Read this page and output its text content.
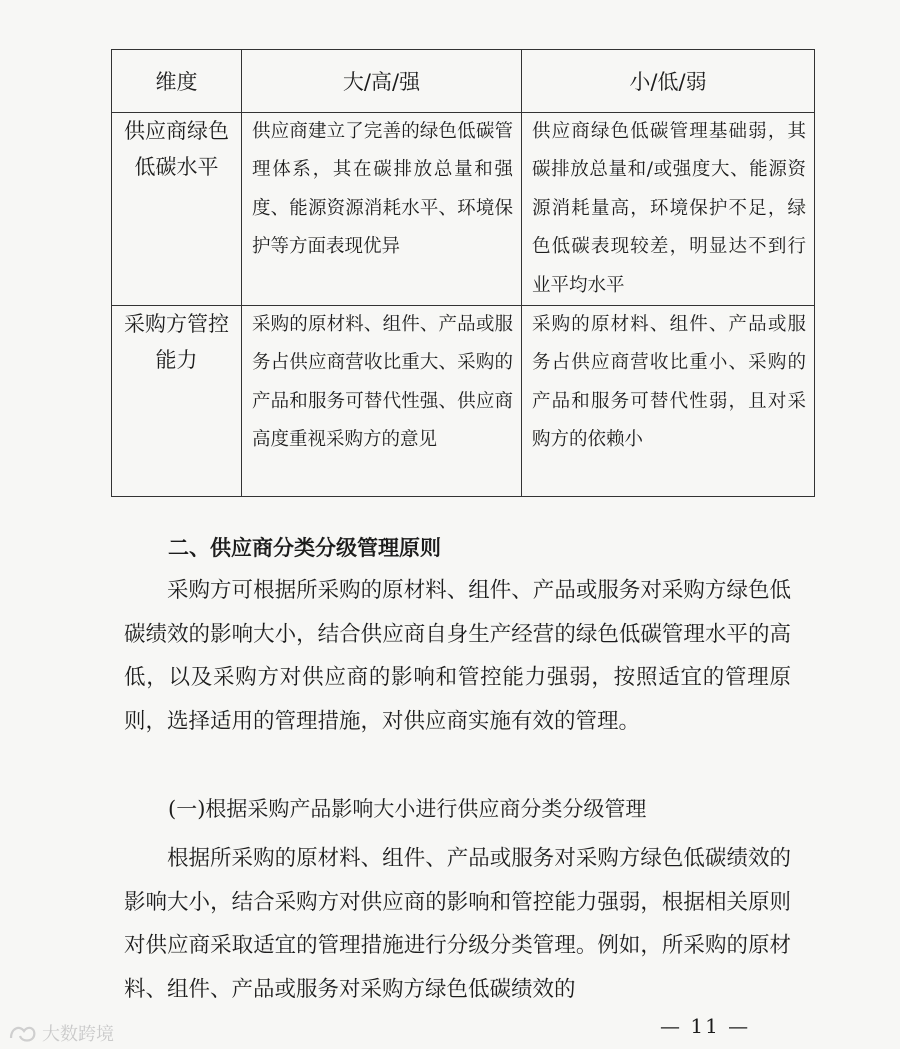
维度	大/高/强	小/低/弱
供应商绿色低碳水平	供应商建立了完善的绿色低碳管理体系，其在碳排放总量和强度、能源资源消耗水平、环境保护等方面表现优异	供应商绿色低碳管理基础弱，其碳排放总量和/或强度大、能源资源消耗量高，环境保护不足，绿色低碳表现较差，明显达不到行业平均水平
采购方管控能力	采购的原材料、组件、产品或服务占供应商营收比重大、采购的产品和服务可替代性强、供应商高度重视采购方的意见	采购的原材料、组件、产品或服务占供应商营收比重小、采购的产品和服务可替代性弱，且对采购方的依赖小
二、供应商分类分级管理原则

采购方可根据所采购的原材料、组件、产品或服务对采购方绿色低碳绩效的影响大小，结合供应商自身生产经营的绿色低碳管理水平的高低，以及采购方对供应商的影响和管控能力强弱，按照适宜的管理原则，选择适用的管理措施，对供应商实施有效的管理。

(一)根据采购产品影响大小进行供应商分类分级管理

根据所采购的原材料、组件、产品或服务对采购方绿色低碳绩效的影响大小，结合采购方对供应商的影响和管控能力强弱，根据相关原则对供应商采取适宜的管理措施进行分级分类管理。例如，所采购的原材料、组件、产品或服务对采购方绿色低碳绩效的

— 11 —
大数跨境
